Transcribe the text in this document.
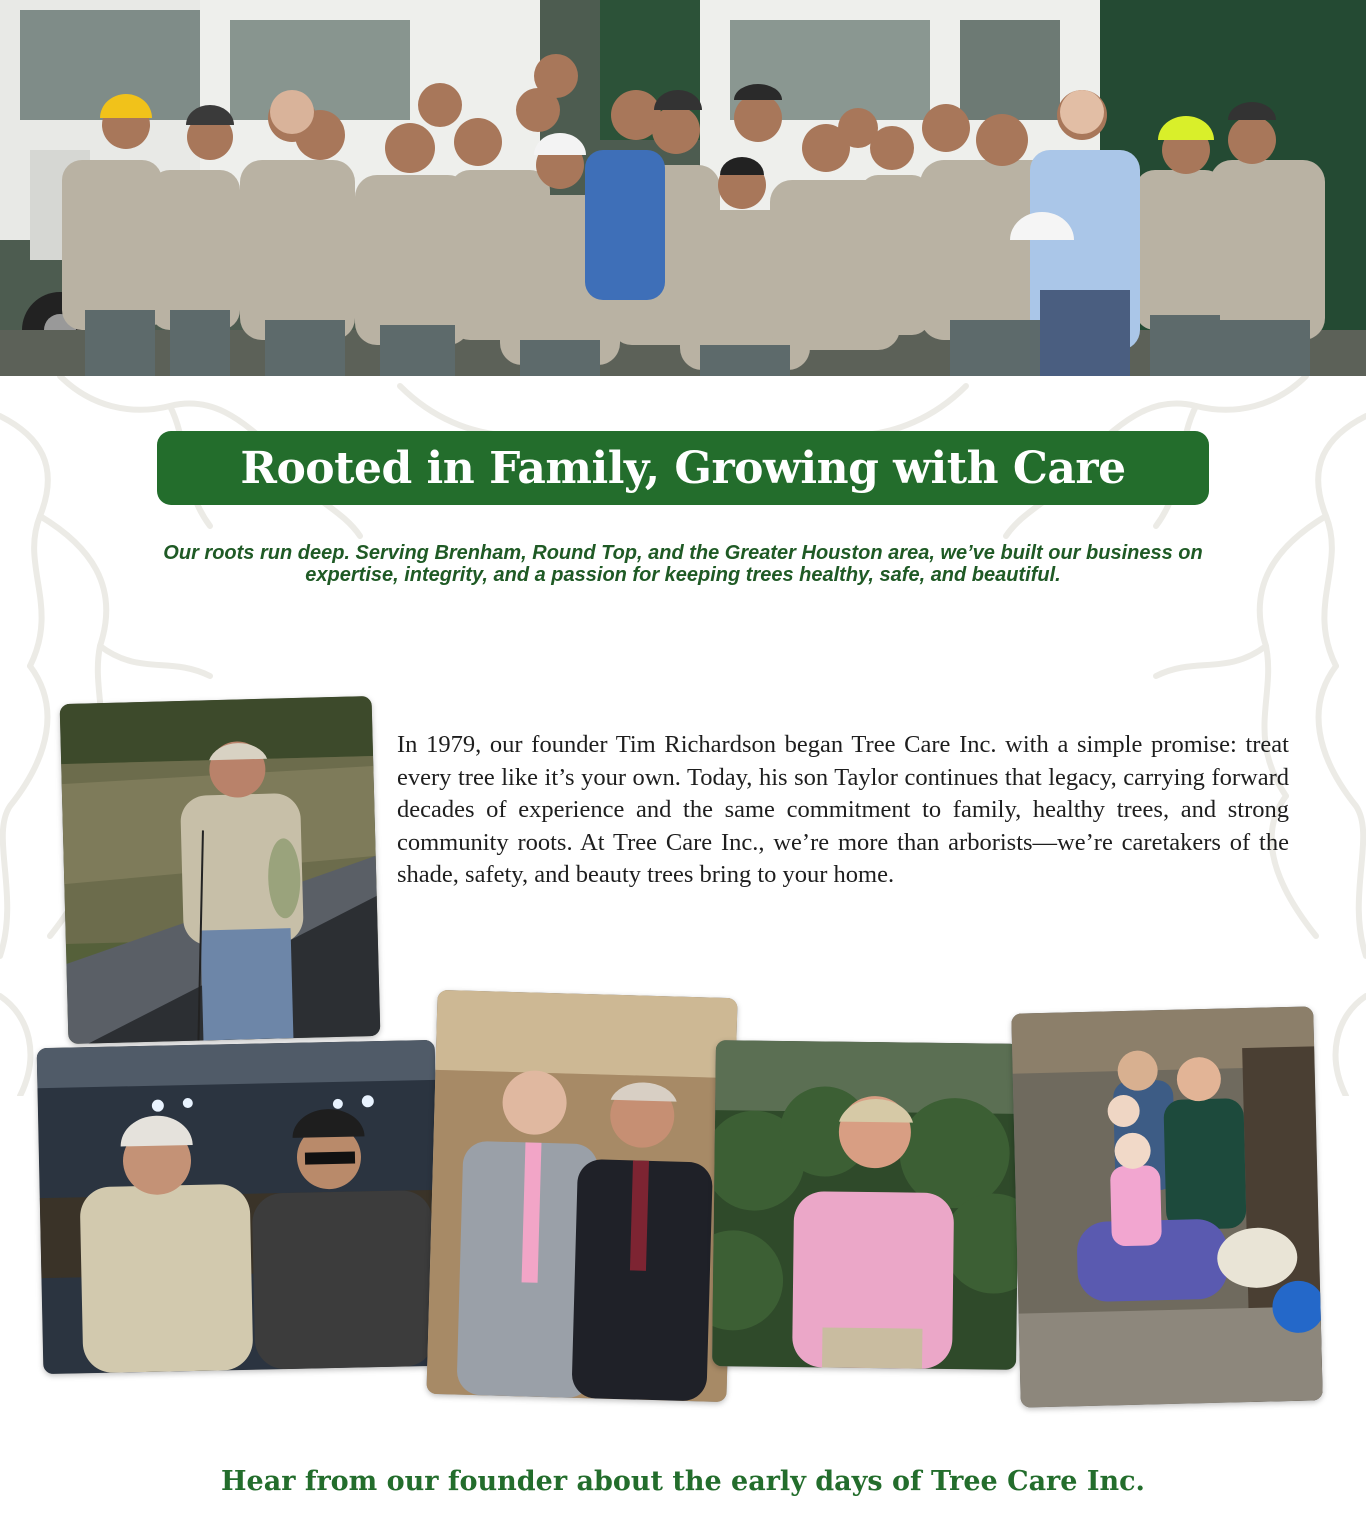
Rooted in Family, Growing with Care

Our roots run deep. Serving Brenham, Round Top, and the Greater Houston area, we’ve built our business on expertise, integrity, and a passion for keeping trees healthy, safe, and beautiful.

In 1979, our founder Tim Richardson began Tree Care Inc. with a simple promise: treat every tree like it’s your own. Today, his son Taylor continues that legacy, carrying forward decades of experience and the same commitment to family, healthy trees, and strong community roots. At Tree Care Inc., we’re more than arborists—we’re caretakers of the shade, safety, and beauty trees bring to your home.

Hear from our founder about the early days of Tree Care Inc.
